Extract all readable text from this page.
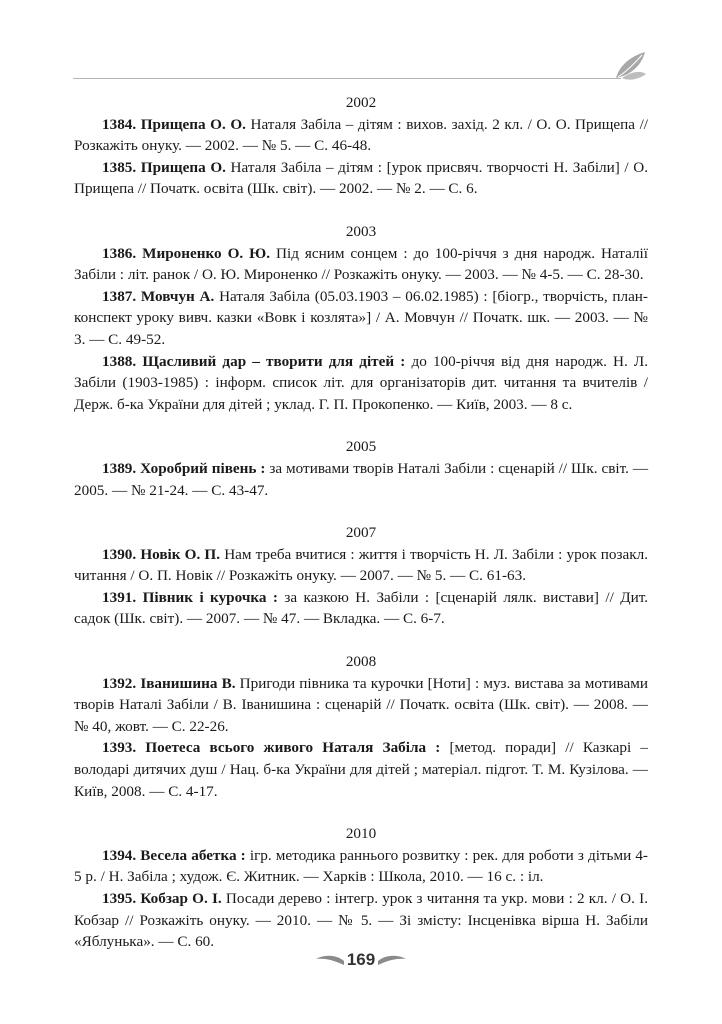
2002

1384. Прищепа О. О. Наталя Забіла – дітям : вихов. захід. 2 кл. / О. О. Прищепа // Розкажіть онуку. — 2002. — № 5. — С. 46-48.

1385. Прищепа О. Наталя Забіла – дітям : [урок присвяч. творчості Н. Забіли] / О. Прищепа // Початк. освіта (Шк. світ). — 2002. — № 2. — С. 6.

2003

1386. Мироненко О. Ю. Під ясним сонцем : до 100-річчя з дня народж. Наталії Забіли : літ. ранок / О. Ю. Мироненко // Розкажіть онуку. — 2003. — № 4-5. — С. 28-30.

1387. Мовчун А. Наталя Забіла (05.03.1903 – 06.02.1985) : [біогр., творчість, план-конспект уроку вивч. казки «Вовк і козлята»] / А. Мовчун // Початк. шк. — 2003. — № 3. — С. 49-52.

1388. Щасливий дар – творити для дітей : до 100-річчя від дня народж. Н. Л. Забіли (1903-1985) : інформ. список літ. для організаторів дит. читання та вчителів / Держ. б-ка України для дітей ; уклад. Г. П. Прокопенко. — Київ, 2003. — 8 с.

2005

1389. Хоробрий півень : за мотивами творів Наталі Забіли : сценарій // Шк. світ. — 2005. — № 21-24. — С. 43-47.

2007

1390. Новік О. П. Нам треба вчитися : життя і творчість Н. Л. Забіли : урок позакл. читання / О. П. Новік // Розкажіть онуку. — 2007. — № 5. — С. 61-63.

1391. Півник і курочка : за казкою Н. Забіли : [сценарій лялк. вистави] // Дит. садок (Шк. світ). — 2007. — № 47. — Вкладка. — С. 6-7.

2008

1392. Іванишина В. Пригоди півника та курочки [Ноти] : муз. вистава за мотивами творів Наталі Забіли / В. Іванишина : сценарій // Початк. освіта (Шк. світ). — 2008. — № 40, жовт. — С. 22-26.

1393. Поетеса всього живого Наталя Забіла : [метод. поради] // Казкарі – володарі дитячих душ / Нац. б-ка України для дітей ; матеріал. підгот. Т. М. Кузілова. — Київ, 2008. — С. 4-17.

2010

1394. Весела абетка : ігр. методика раннього розвитку : рек. для роботи з дітьми 4-5 р. / Н. Забіла ; худож. Є. Житник. — Харків : Школа, 2010. — 16 с. : іл.

1395. Кобзар О. І. Посади дерево : інтегр. урок з читання та укр. мови : 2 кл. / О. І. Кобзар // Розкажіть онуку. — 2010. — № 5. — Зі змісту: Інсценівка вірша Н. Забіли «Яблунька». — С. 60.

169
